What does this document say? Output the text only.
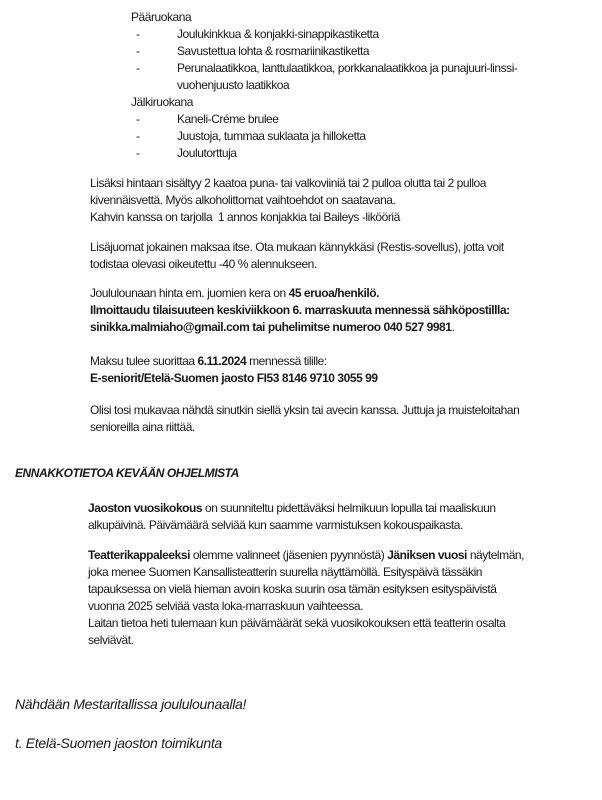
Pääruokana
-	Joulukinkkua & konjakki-sinappikastiketta
-	Savustettua lohta & rosmariinikastiketta
-	Perunalaatikkoa, lanttulaatikkoa, porkkanalaatikkoa ja punajuuri-linssi-
vuohenjuusto laatikkoa
Jälkiruokana
-	Kaneli-Créme brulee
-	Juustoja, tummaa suklaata ja hilloketta
-	Joulutorttuja
Lisäksi hintaan sisältyy 2 kaatoa puna- tai valkoviiniä tai 2 pulloa olutta tai 2 pulloa
kivennäisvettä. Myös alkoholittomat vaihtoehdot on saatavana.
Kahvin kanssa on tarjolla  1 annos konjakkia tai Baileys -likööriä
Lisäjuomat jokainen maksaa itse. Ota mukaan kännykkäsi (Restis-sovellus), jotta voit
todistaa olevasi oikeutettu -40 % alennukseen.
Joululounaan hinta em. juomien kera on 45 eruoa/henkilö.
Ilmoittaudu tilaisuuteen keskiviikkoon 6. marraskuuta mennessä sähköpostillla:
sinikka.malmiaho@gmail.com tai puhelimitse numeroo 040 527 9981.
Maksu tulee suorittaa 6.11.2024 mennessä tilille:
E-seniorit/Etelä-Suomen jaosto FI53 8146 9710 3055 99
Olisi tosi mukavaa nähdä sinutkin siellä yksin tai avecin kanssa. Juttuja ja muisteloitahan
senioreilla aina riittää.
ENNAKKOTIETOA KEVÄÄN OHJELMISTA
Jaoston vuosikokous on suunniteltu pidettäväksi helmikuun lopulla tai maaliskuun
alkupäivinä. Päivämäärä selviää kun saamme varmistuksen kokouspaikasta.
Teatterikappaleeksi olemme valinneet (jäsenien pyynnöstä) Jäniksen vuosi näytelmän,
joka menee Suomen Kansallisteatterin suurella näyttämöllä. Esityspäivä tässäkin
tapauksessa on vielä hieman avoin koska suurin osa tämän esityksen esityspäivistä
vuonna 2025 selviää vasta loka-marraskuun vaihteessa.
Laitan tietoa heti tulemaan kun päivämäärät sekä vuosikokouksen että teatterin osalta
selviävät.
Nähdään Mestaritallissa joululounaalla!
t. Etelä-Suomen jaoston toimikunta
